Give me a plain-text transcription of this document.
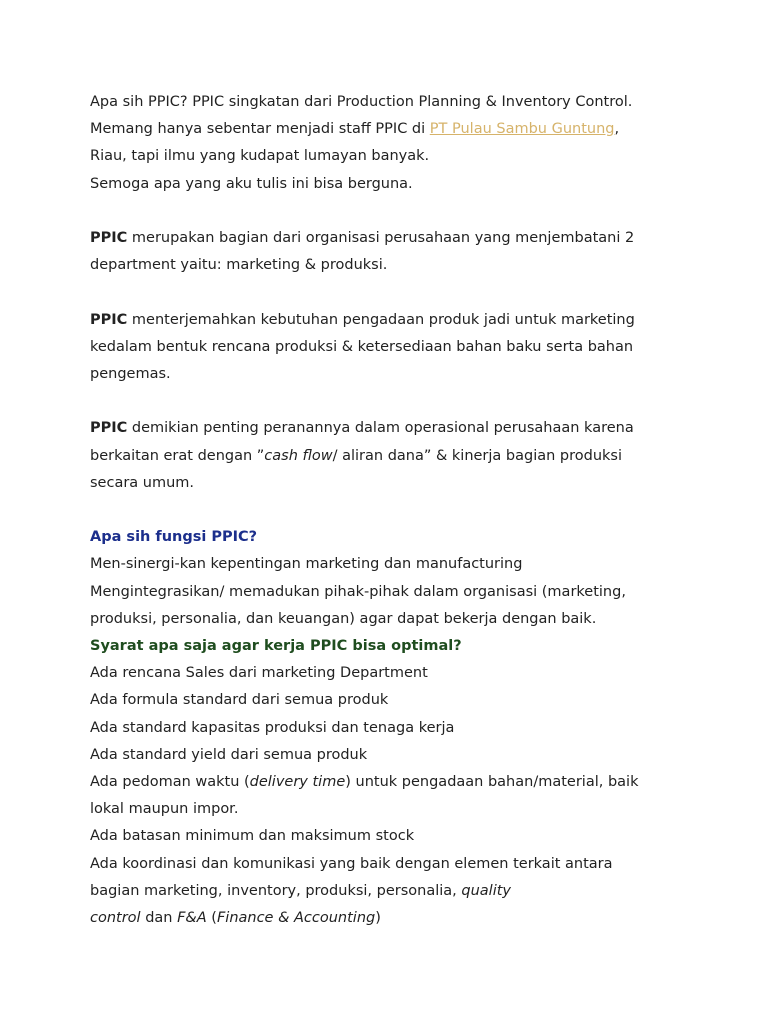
Apa sih PPIC? PPIC singkatan dari Production Planning & Inventory Control.
Memang hanya sebentar menjadi staff PPIC di PT Pulau Sambu Guntung,
Riau, tapi ilmu yang kudapat lumayan banyak.
Semoga apa yang aku tulis ini bisa berguna.
PPIC merupakan bagian dari organisasi perusahaan yang menjembatani 2
department yaitu: marketing & produksi.
PPIC menterjemahkan kebutuhan pengadaan produk jadi untuk marketing
kedalam bentuk rencana produksi & ketersediaan bahan baku serta bahan
pengemas.
PPIC demikian penting peranannya dalam operasional perusahaan karena
berkaitan erat dengan ”cash flow/ aliran dana” & kinerja bagian produksi
secara umum.
Apa sih fungsi PPIC?
Men-sinergi-kan kepentingan marketing dan manufacturing
Mengintegrasikan/ memadukan pihak-pihak dalam organisasi (marketing,
produksi, personalia, dan keuangan) agar dapat bekerja dengan baik.
Syarat apa saja agar kerja PPIC bisa optimal?
Ada rencana Sales dari marketing Department
Ada formula standard dari semua produk
Ada standard kapasitas produksi dan tenaga kerja
Ada standard yield dari semua produk
Ada pedoman waktu (delivery time) untuk pengadaan bahan/material, baik
lokal maupun impor.
Ada batasan minimum dan maksimum stock
Ada koordinasi dan komunikasi yang baik dengan elemen terkait antara
bagian marketing, inventory, produksi, personalia, quality
control dan F&A (Finance & Accounting)
